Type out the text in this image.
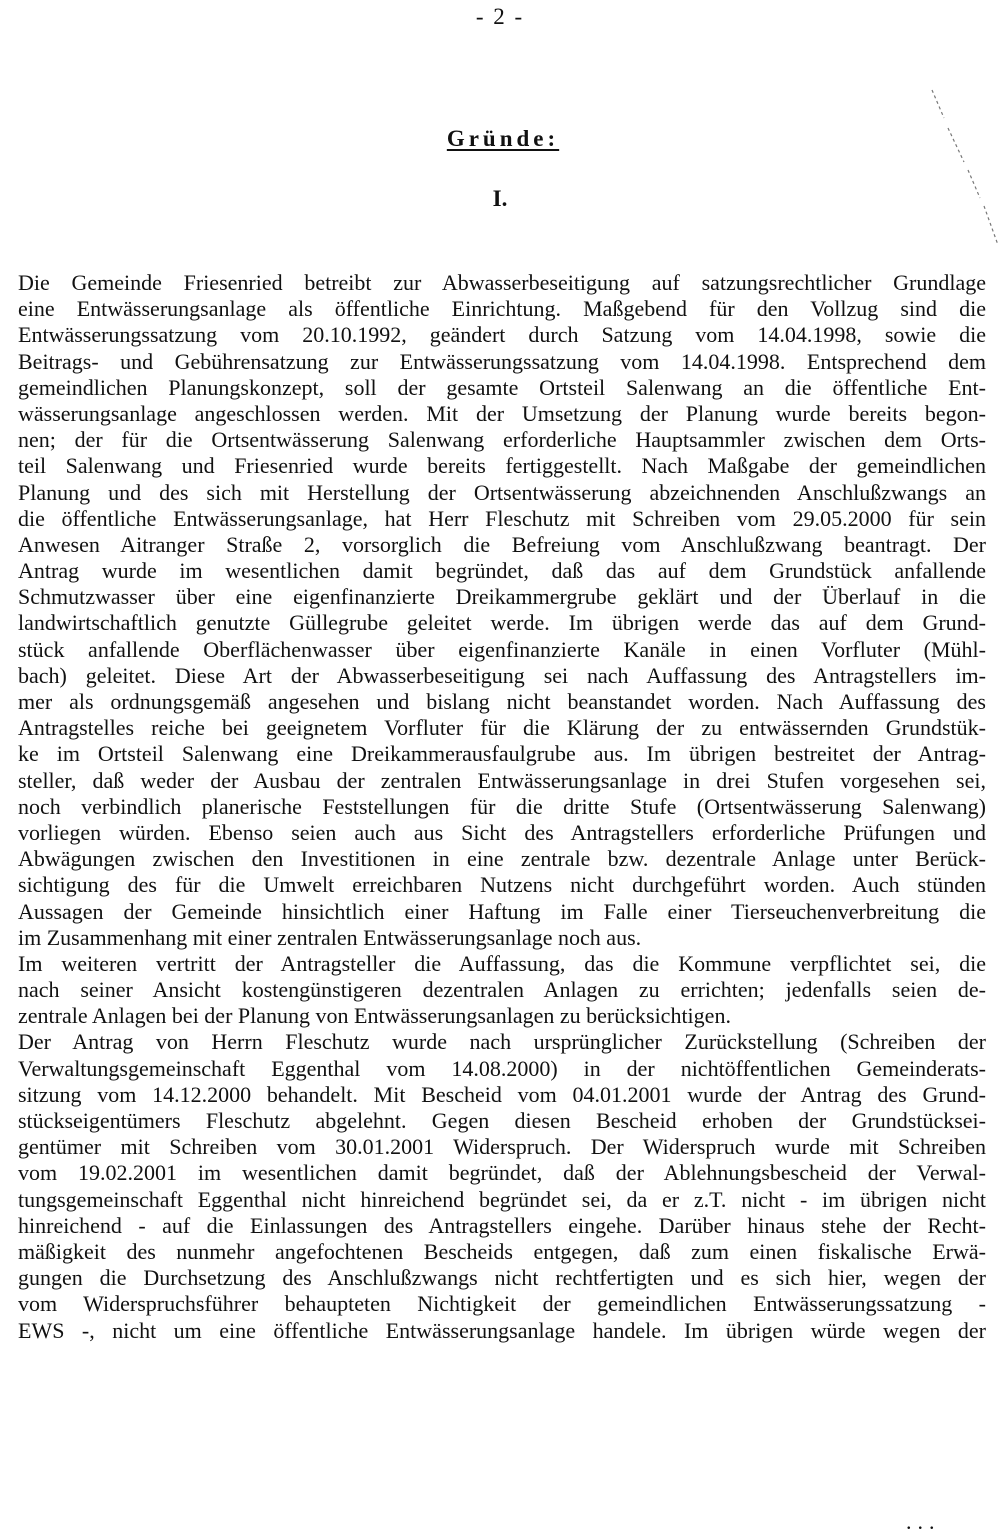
- 2 -
Gründe:
I.
Die Gemeinde Friesenried betreibt zur Abwasserbeseitigung auf satzungsrechtlicher Grundlage
eine Entwässerungsanlage als öffentliche Einrichtung. Maßgebend für den Vollzug sind die
Entwässerungssatzung vom 20.10.1992, geändert durch Satzung vom 14.04.1998, sowie die
Beitrags- und Gebührensatzung zur Entwässerungssatzung vom 14.04.1998. Entsprechend dem
gemeindlichen Planungskonzept, soll der gesamte Ortsteil Salenwang an die öffentliche Ent-
wässerungsanlage angeschlossen werden. Mit der Umsetzung der Planung wurde bereits begon-
nen; der für die Ortsentwässerung Salenwang erforderliche Hauptsammler zwischen dem Orts-
teil Salenwang und Friesenried wurde bereits fertiggestellt. Nach Maßgabe der gemeindlichen
Planung und des sich mit Herstellung der Ortsentwässerung abzeichnenden Anschlußzwangs an
die öffentliche Entwässerungsanlage, hat Herr Fleschutz mit Schreiben vom 29.05.2000 für sein
Anwesen Aitranger Straße 2, vorsorglich die Befreiung vom Anschlußzwang beantragt. Der
Antrag wurde im wesentlichen damit begründet, daß das auf dem Grundstück anfallende
Schmutzwasser über eine eigenfinanzierte Dreikammergrube geklärt und der Überlauf in die
landwirtschaftlich genutzte Güllegrube geleitet werde. Im übrigen werde das auf dem Grund-
stück anfallende Oberflächenwasser über eigenfinanzierte Kanäle in einen Vorfluter (Mühl-
bach) geleitet. Diese Art der Abwasserbeseitigung sei nach Auffassung des Antragstellers im-
mer als ordnungsgemäß angesehen und bislang nicht beanstandet worden. Nach Auffassung des
Antragstelles reiche bei geeignetem Vorfluter für die Klärung der zu entwässernden Grundstük-
ke im Ortsteil Salenwang eine Dreikammerausfaulgrube aus. Im übrigen bestreitet der Antrag-
steller, daß weder der Ausbau der zentralen Entwässerungsanlage in drei Stufen vorgesehen sei,
noch verbindlich planerische Feststellungen für die dritte Stufe (Ortsentwässerung Salenwang)
vorliegen würden. Ebenso seien auch aus Sicht des Antragstellers erforderliche Prüfungen und
Abwägungen zwischen den Investitionen in eine zentrale bzw. dezentrale Anlage unter Berück-
sichtigung des für die Umwelt erreichbaren Nutzens nicht durchgeführt worden. Auch stünden
Aussagen der Gemeinde hinsichtlich einer Haftung im Falle einer Tierseuchenverbreitung die
im Zusammenhang mit einer zentralen Entwässerungsanlage noch aus.
Im weiteren vertritt der Antragsteller die Auffassung, das die Kommune verpflichtet sei, die
nach seiner Ansicht kostengünstigeren dezentralen Anlagen zu errichten; jedenfalls seien de-
zentrale Anlagen bei der Planung von Entwässerungsanlagen zu berücksichtigen.
Der Antrag von Herrn Fleschutz wurde nach ursprünglicher Zurückstellung (Schreiben der
Verwaltungsgemeinschaft Eggenthal vom 14.08.2000) in der nichtöffentlichen Gemeinderats-
sitzung vom 14.12.2000 behandelt. Mit Bescheid vom 04.01.2001 wurde der Antrag des Grund-
stückseigentümers Fleschutz abgelehnt. Gegen diesen Bescheid erhoben der Grundstücksei-
gentümer mit Schreiben vom 30.01.2001 Widerspruch. Der Widerspruch wurde mit Schreiben
vom 19.02.2001 im wesentlichen damit begründet, daß der Ablehnungsbescheid der Verwal-
tungsgemeinschaft Eggenthal nicht hinreichend begründet sei, da er z.T. nicht - im übrigen nicht
hinreichend - auf die Einlassungen des Antragstellers eingehe. Darüber hinaus stehe der Recht-
mäßigkeit des nunmehr angefochtenen Bescheids entgegen, daß zum einen fiskalische Erwä-
gungen die Durchsetzung des Anschlußzwangs nicht rechtfertigten und es sich hier, wegen der
vom Widerspruchsführer behaupteten Nichtigkeit der gemeindlichen Entwässerungssatzung -
EWS -, nicht um eine öffentliche Entwässerungsanlage handele. Im übrigen würde wegen der
...
